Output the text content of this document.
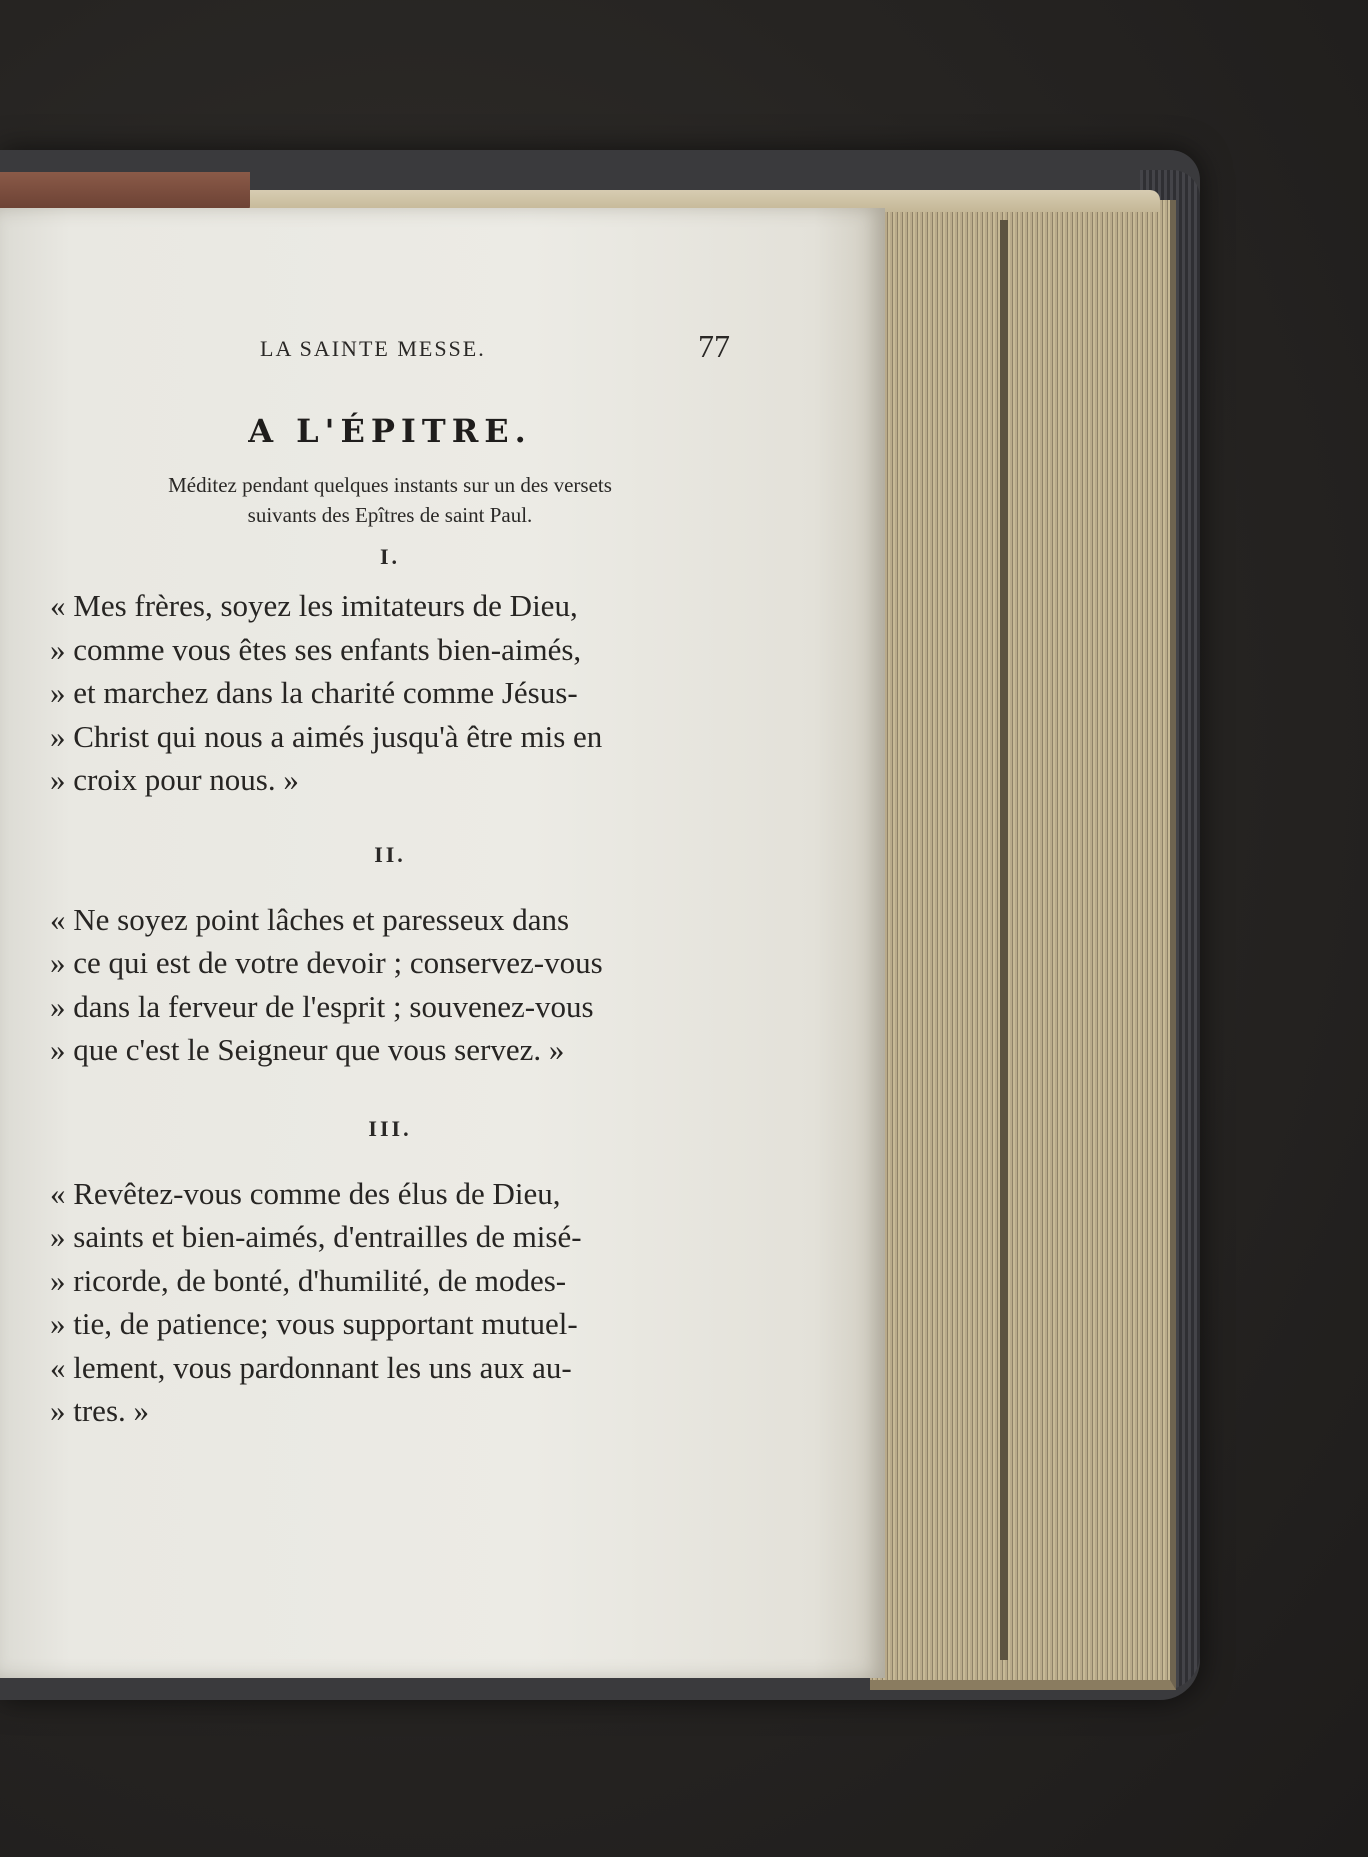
LA SAINTE MESSE.	77
A L'ÉPITRE.
Méditez pendant quelques instants sur un des versets
suivants des Epîtres de saint Paul.
I.
« Mes frères, soyez les imitateurs de Dieu,
» comme vous êtes ses enfants bien-aimés,
» et marchez dans la charité comme Jésus-
» Christ qui nous a aimés jusqu'à être mis en
» croix pour nous. »
II.
« Ne soyez point lâches et paresseux dans
» ce qui est de votre devoir ; conservez-vous
» dans la ferveur de l'esprit ; souvenez-vous
» que c'est le Seigneur que vous servez. »
III.
« Revêtez-vous comme des élus de Dieu,
» saints et bien-aimés, d'entrailles de misé-
» ricorde, de bonté, d'humilité, de modes-
» tie, de patience; vous supportant mutuel-
« lement, vous pardonnant les uns aux au-
» tres. »
